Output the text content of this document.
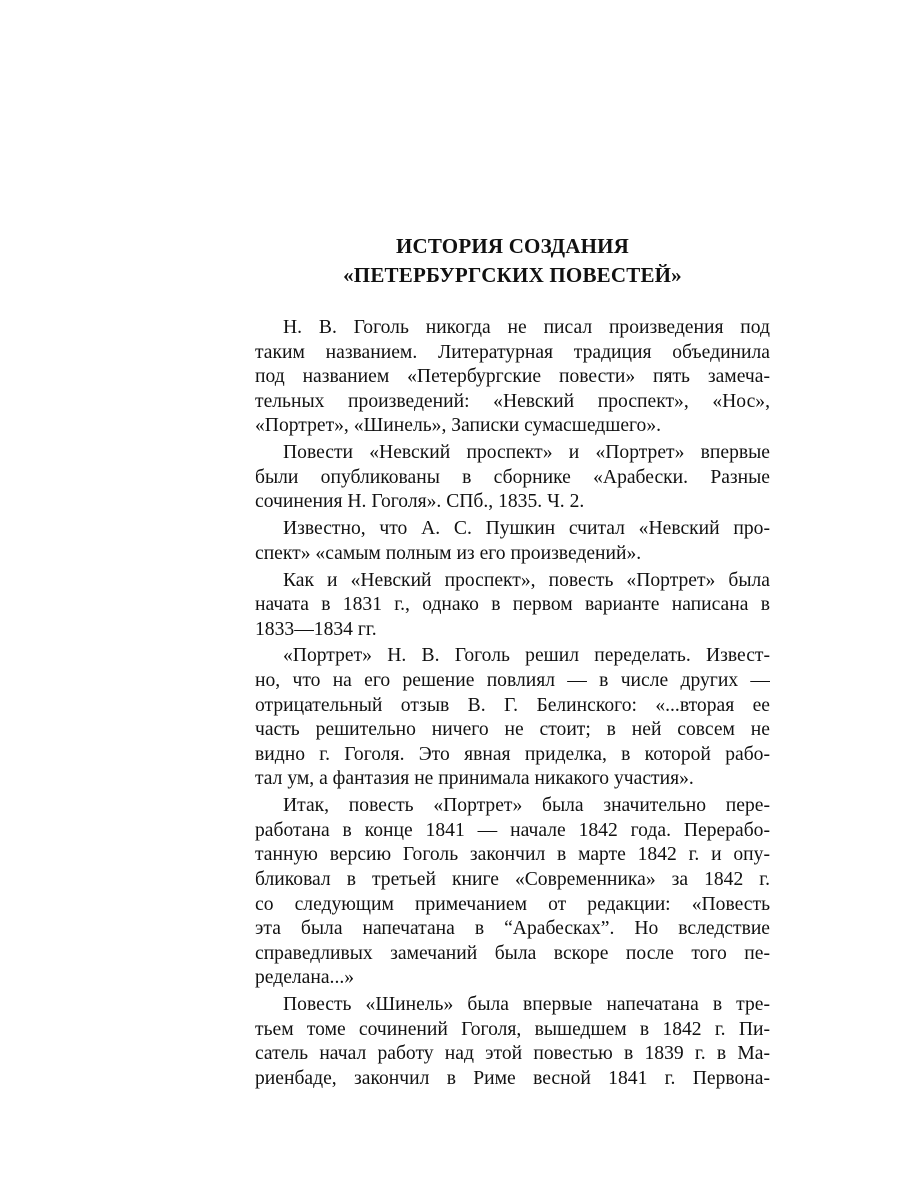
ИСТОРИЯ СОЗДАНИЯ
«ПЕТЕРБУРГСКИХ ПОВЕСТЕЙ»
Н. В. Гоголь никогда не писал произведения под
таким названием. Литературная традиция объединила
под названием «Петербургские повести» пять замеча-
тельных произведений: «Невский проспект», «Нос»,
«Портрет», «Шинель», Записки сумасшедшего».
Повести «Невский проспект» и «Портрет» впервые
были опубликованы в сборнике «Арабески. Разные
сочинения Н. Гоголя». СПб., 1835. Ч. 2.
Известно, что А. С. Пушкин считал «Невский про-
спект» «самым полным из его произведений».
Как и «Невский проспект», повесть «Портрет» была
начата в 1831 г., однако в первом варианте написана в
1833—1834 гг.
«Портрет» Н. В. Гоголь решил переделать. Извест-
но, что на его решение повлиял — в числе других —
отрицательный отзыв В. Г. Белинского: «...вторая ее
часть решительно ничего не стоит; в ней совсем не
видно г. Гоголя. Это явная приделка, в которой рабо-
тал ум, а фантазия не принимала никакого участия».
Итак, повесть «Портрет» была значительно пере-
работана в конце 1841 — начале 1842 года. Перерабо-
танную версию Гоголь закончил в марте 1842 г. и опу-
бликовал в третьей книге «Современника» за 1842 г.
со следующим примечанием от редакции: «Повесть
эта была напечатана в “Арабесках”. Но вследствие
справедливых замечаний была вскоре после того пе-
ределана...»
Повесть «Шинель» была впервые напечатана в тре-
тьем томе сочинений Гоголя, вышедшем в 1842 г. Пи-
сатель начал работу над этой повестью в 1839 г. в Ма-
риенбаде, закончил в Риме весной 1841 г. Первона-
